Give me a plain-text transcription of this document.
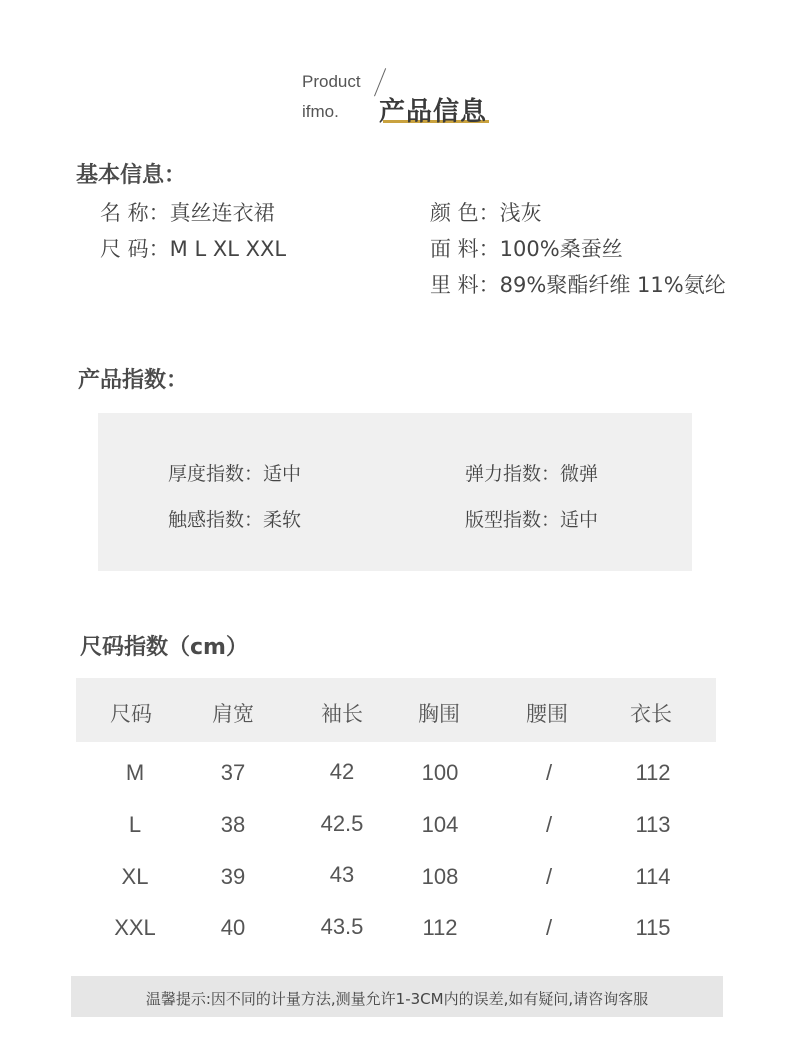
Product
ifmo. 产品信息
基本信息：
名 称：真丝连衣裙
尺 码：M L XL XXL
颜 色：浅灰
面 料：100%桑蚕丝
里 料：89%聚酯纤维 11%氨纶
产品指数：
厚度指数：适中	弹力指数：微弹
触感指数：柔软	版型指数：适中
尺码指数（cm）
尺码	肩宽	袖长	胸围	腰围	衣长
M	37	42	100	/	112
L	38	42.5	104	/	113
XL	39	43	108	/	114
XXL	40	43.5	112	/	115
温馨提示:因不同的计量方法,测量允许1-3CM内的误差,如有疑问,请咨询客服
